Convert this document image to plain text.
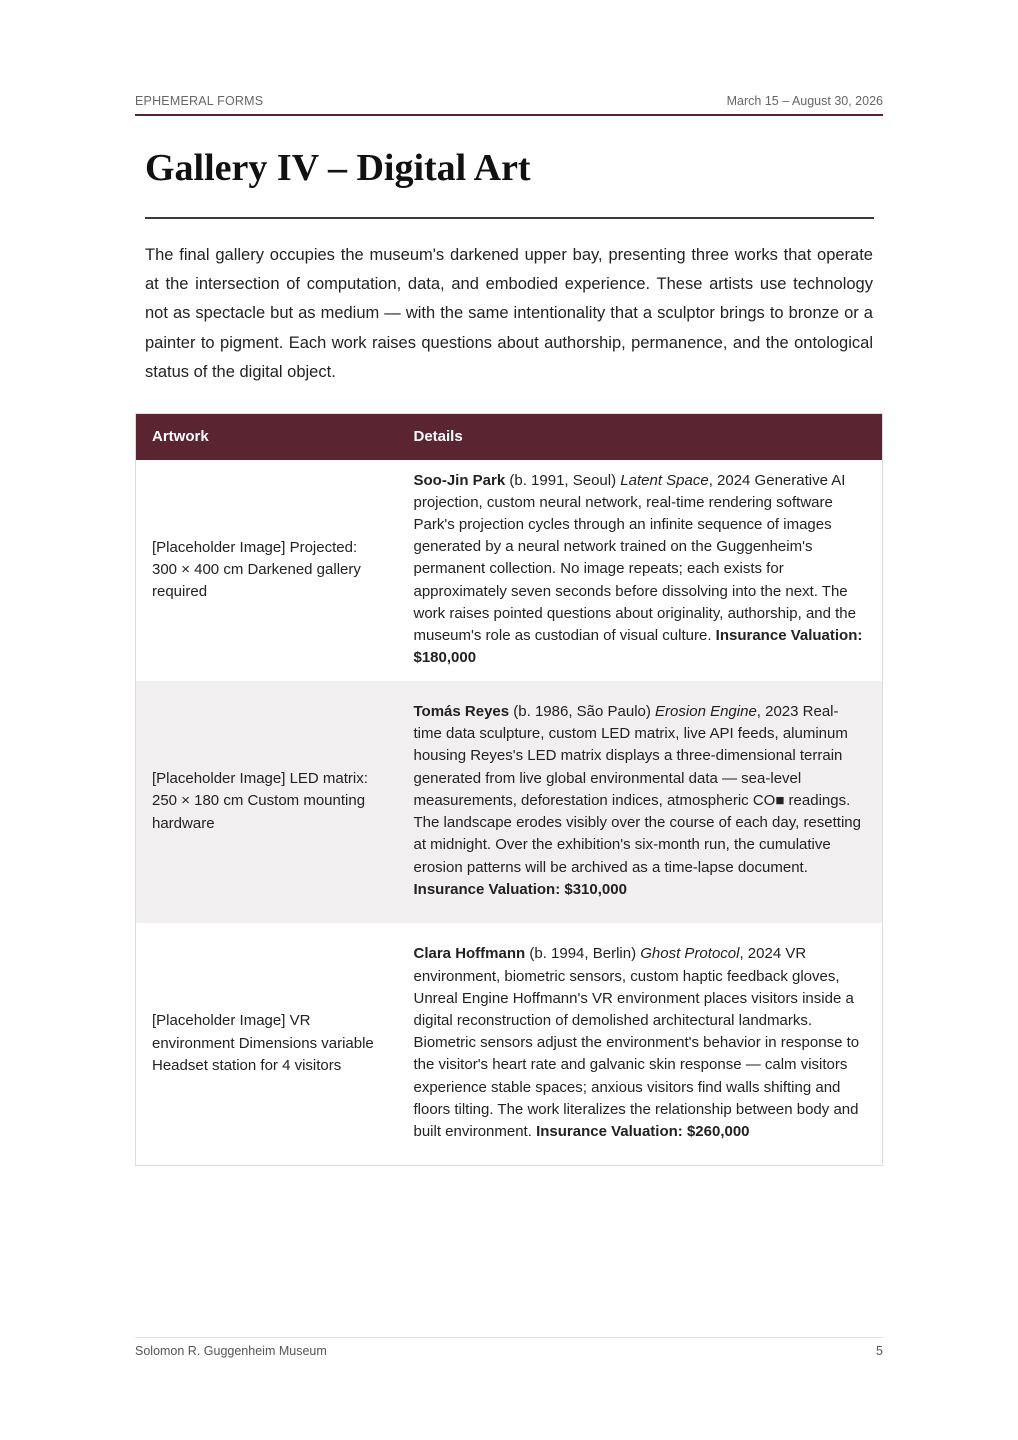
EPHEMERAL FORMS	March 15 – August 30, 2026
Gallery IV – Digital Art

The final gallery occupies the museum's darkened upper bay, presenting three works that operate at the intersection of computation, data, and embodied experience. These artists use technology not as spectacle but as medium — with the same intentionality that a sculptor brings to bronze or a painter to pigment. Each work raises questions about authorship, permanence, and the ontological status of the digital object.

Artwork	Details
[Placeholder Image] Projected: 300 × 400 cm Darkened gallery required	Soo-Jin Park (b. 1991, Seoul) Latent Space, 2024 Generative AI projection, custom neural network, real-time rendering software Park's projection cycles through an infinite sequence of images generated by a neural network trained on the Guggenheim's permanent collection. No image repeats; each exists for approximately seven seconds before dissolving into the next. The work raises pointed questions about originality, authorship, and the museum's role as custodian of visual culture. Insurance Valuation: $180,000
[Placeholder Image] LED matrix: 250 × 180 cm Custom mounting hardware	Tomás Reyes (b. 1986, São Paulo) Erosion Engine, 2023 Real-time data sculpture, custom LED matrix, live API feeds, aluminum housing Reyes's LED matrix displays a three-dimensional terrain generated from live global environmental data — sea-level measurements, deforestation indices, atmospheric CO■ readings. The landscape erodes visibly over the course of each day, resetting at midnight. Over the exhibition's six-month run, the cumulative erosion patterns will be archived as a time-lapse document. Insurance Valuation: $310,000
[Placeholder Image] VR environment Dimensions variable Headset station for 4 visitors	Clara Hoffmann (b. 1994, Berlin) Ghost Protocol, 2024 VR environment, biometric sensors, custom haptic feedback gloves, Unreal Engine Hoffmann's VR environment places visitors inside a digital reconstruction of demolished architectural landmarks. Biometric sensors adjust the environment's behavior in response to the visitor's heart rate and galvanic skin response — calm visitors experience stable spaces; anxious visitors find walls shifting and floors tilting. The work literalizes the relationship between body and built environment. Insurance Valuation: $260,000
Solomon R. Guggenheim Museum	5
